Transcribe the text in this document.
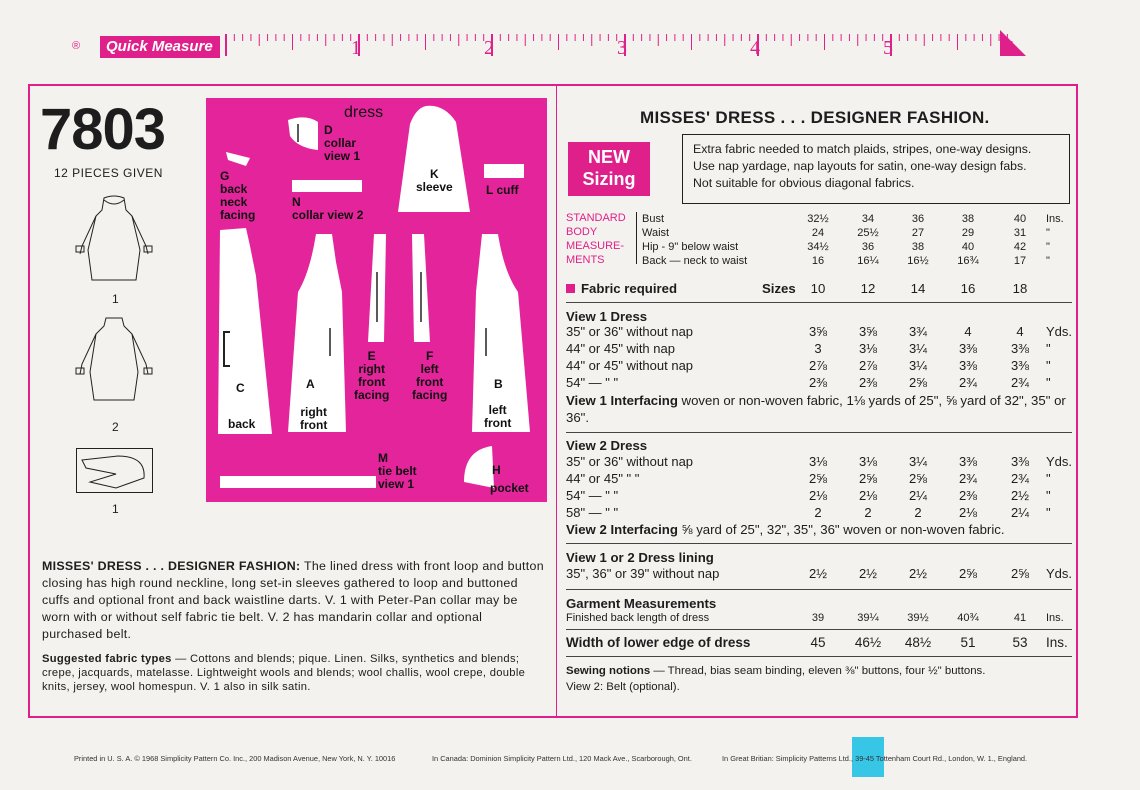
®	Quick Measure	1	2	3	4	5	6
7803
12 PIECES GIVEN
1
2
1
dress
D
collar
view 1
G
back
neck
facing
N
collar view 2
K
sleeve	L cuff
C
back
A
right
front
E
right
front
facing
F
left
front
facing
B
left
front
M
tie belt
view 1
H
pocket
MISSES' DRESS . . . DESIGNER FASHION: The lined dress with front loop and button closing has high round neckline, long set-in sleeves gathered to loop and buttoned cuffs and optional front and back waistline darts. V. 1 with Peter-Pan collar may be worn with or without self fabric tie belt. V. 2 has mandarin collar and optional purchased belt.
Suggested fabric types — Cottons and blends; pique. Linen. Silks, synthetics and blends; crepe, jacquards, matelasse. Lightweight wools and blends; wool challis, wool crepe, double knits, jersey, wool homespun. V. 1 also in silk satin.
MISSES' DRESS . . . DESIGNER FASHION.
NEW
Sizing
Extra fabric needed to match plaids, stripes, one-way designs.
Use nap yardage, nap layouts for satin, one-way design fabs.
Not suitable for obvious diagonal fabrics.
STANDARD
BODY
MEASURE-
MENTS
Bust	32½	34	36	38	40	Ins.
Waist	24	25½	27	29	31	"
Hip - 9" below waist	34½	36	38	40	42	"
Back — neck to waist	16	16¼	16½	16¾	17	"
Fabric required	Sizes	10	12	14	16	18
View 1 Dress
35" or 36" without nap	3⅝	3⅝	3¾	4	4	Yds.
44" or 45" with nap	3	3⅛	3¼	3⅜	3⅜	"
44" or 45" without nap	2⅞	2⅞	3¼	3⅜	3⅜	"
54" — " "	2⅜	2⅜	2⅝	2¾	2¾	"
View 1 Interfacing woven or non-woven fabric, 1⅛ yards of 25", ⅝ yard of 32", 35" or 36".
View 2 Dress
35" or 36" without nap	3⅛	3⅛	3¼	3⅜	3⅜	Yds.
44" or 45" " "	2⅝	2⅝	2⅝	2¾	2¾	"
54" — " "	2⅛	2⅛	2¼	2⅜	2½	"
58" — " "	2	2	2	2⅛	2¼	"
View 2 Interfacing ⅝ yard of 25", 32", 35", 36" woven or non-woven fabric.
View 1 or 2 Dress lining
35", 36" or 39" without nap	2½	2½	2½	2⅝	2⅝	Yds.
Garment Measurements
Finished back length of dress	39	39¼	39½	40¾	41	Ins.
Width of lower edge of dress	45	46½	48½	51	53	Ins.
Sewing notions — Thread, bias seam binding, eleven ⅜" buttons, four ½" buttons.
View 2: Belt (optional).
Printed in U. S. A. © 1968 Simplicity Pattern Co. Inc., 200 Madison Avenue, New York, N. Y. 10016	In Canada: Dominion Simplicity Pattern Ltd., 120 Mack Ave., Scarborough, Ont.	In Great Britian: Simplicity Patterns Ltd., 39-45 Tottenham Court Rd., London, W. 1., England.
